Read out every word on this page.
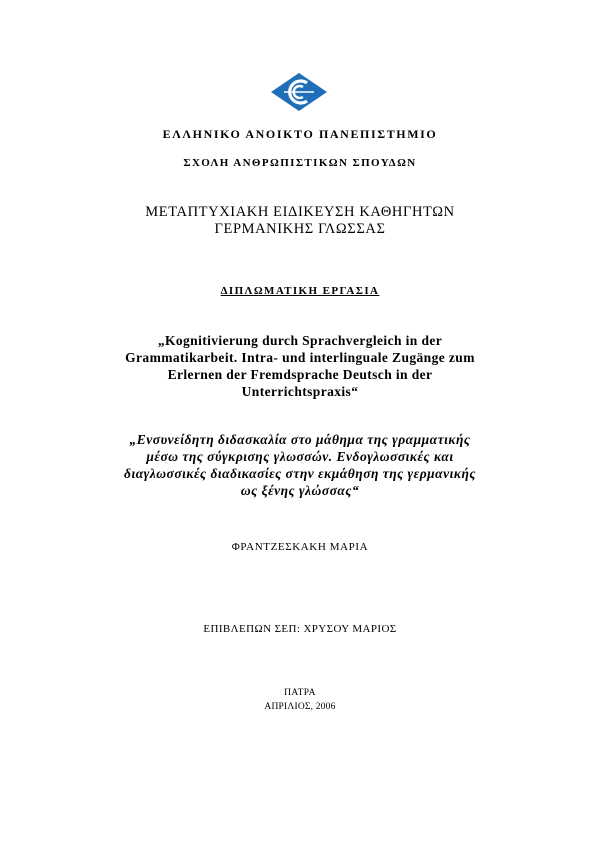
ΕΛΛΗΝΙΚΟ ΑΝΟΙΚΤΟ ΠΑΝΕΠΙΣΤΗΜΙΟ
ΣΧΟΛΗ ΑΝΘΡΩΠΙΣΤΙΚΩΝ ΣΠΟΥΔΩΝ
ΜΕΤΑΠΤΥΧΙΑΚΗ ΕΙΔΙΚΕΥΣΗ ΚΑΘΗΓΗΤΩΝ
ΓΕΡΜΑΝΙΚΗΣ ΓΛΩΣΣΑΣ
ΔΙΠΛΩΜΑΤΙΚΗ ΕΡΓΑΣΙΑ
„Kognitivierung durch Sprachvergleich in der
Grammatikarbeit. Intra- und interlinguale Zugänge zum
Erlernen der Fremdsprache Deutsch in der
Unterrichtspraxis“
„Ενσυνείδητη διδασκαλία στο μάθημα της γραμματικής
μέσω της σύγκρισης γλωσσών. Ενδογλωσσικές και
διαγλωσσικές διαδικασίες στην εκμάθηση της γερμανικής
ως ξένης γλώσσας“
ΦΡΑΝΤΖΕΣΚΑΚΗ ΜΑΡΙΑ
ΕΠΙΒΛΕΠΩΝ ΣΕΠ: ΧΡΥΣΟΥ ΜΑΡΙΟΣ
ΠΑΤΡΑ
ΑΠΡΙΛΙΟΣ, 2006
